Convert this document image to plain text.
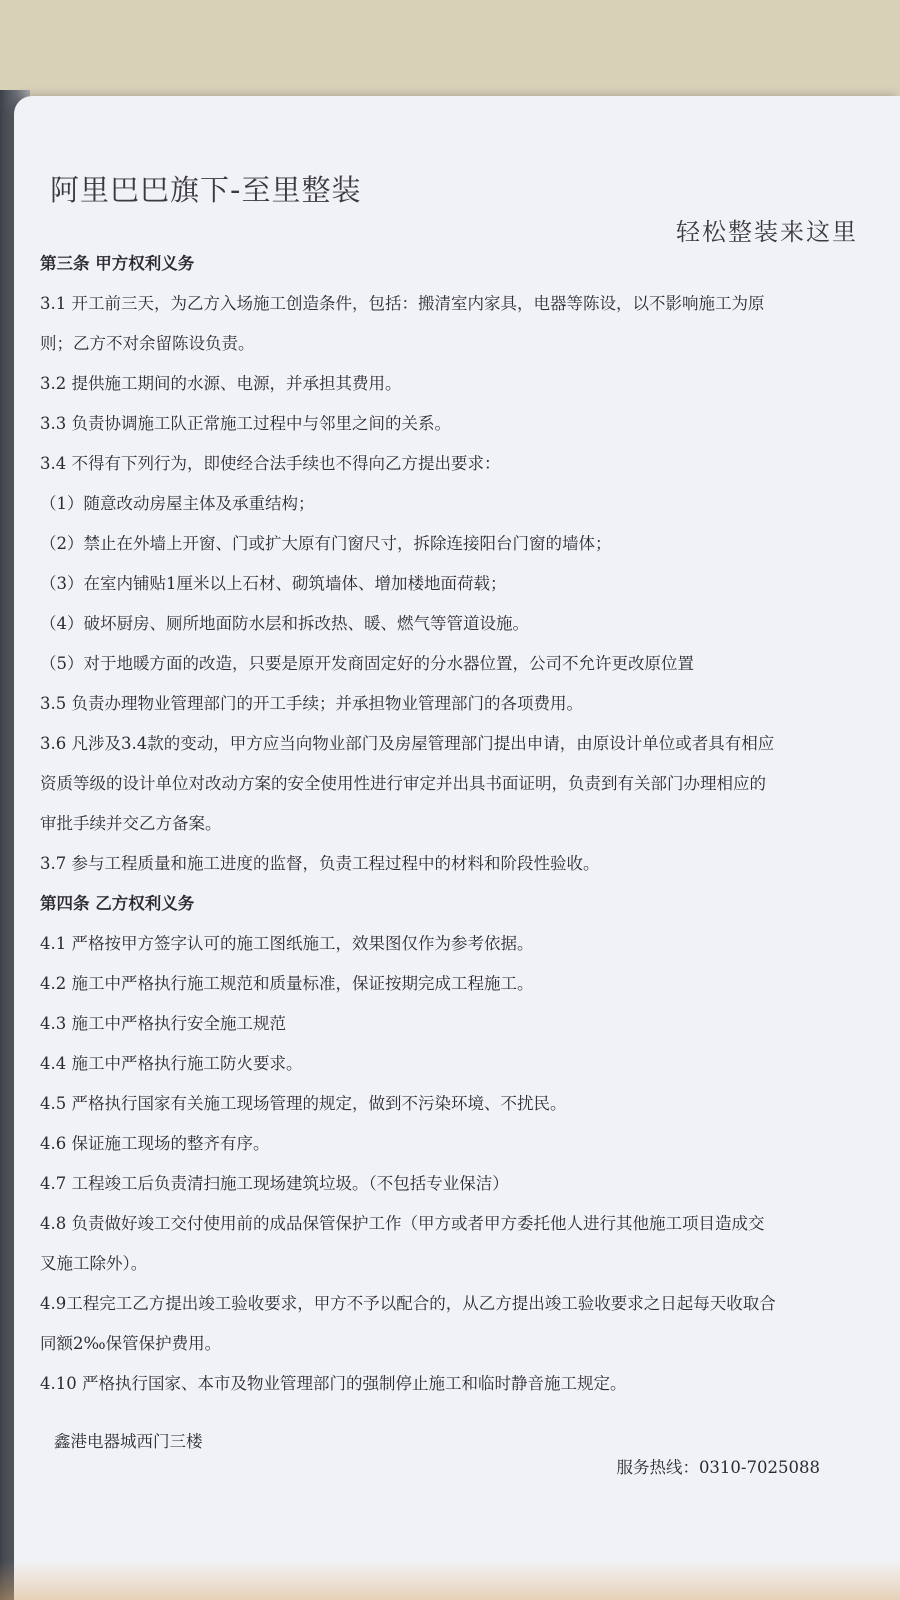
阿里巴巴旗下-至里整装
轻松整装来这里
第三条 甲方权利义务
3.1 开工前三天，为乙方入场施工创造条件，包括：搬清室内家具，电器等陈设，以不影响施工为原
则；乙方不对余留陈设负责。
3.2 提供施工期间的水源、电源，并承担其费用。
3.3 负责协调施工队正常施工过程中与邻里之间的关系。
3.4 不得有下列行为，即使经合法手续也不得向乙方提出要求：
（1）随意改动房屋主体及承重结构；
（2）禁止在外墙上开窗、门或扩大原有门窗尺寸，拆除连接阳台门窗的墙体；
（3）在室内铺贴1厘米以上石材、砌筑墙体、增加楼地面荷载；
（4）破坏厨房、厕所地面防水层和拆改热、暖、燃气等管道设施。
（5）对于地暖方面的改造，只要是原开发商固定好的分水器位置，公司不允许更改原位置
3.5 负责办理物业管理部门的开工手续；并承担物业管理部门的各项费用。
3.6 凡涉及3.4款的变动，甲方应当向物业部门及房屋管理部门提出申请，由原设计单位或者具有相应
资质等级的设计单位对改动方案的安全使用性进行审定并出具书面证明，负责到有关部门办理相应的
审批手续并交乙方备案。
3.7 参与工程质量和施工进度的监督，负责工程过程中的材料和阶段性验收。
第四条 乙方权利义务
4.1 严格按甲方签字认可的施工图纸施工，效果图仅作为参考依据。
4.2 施工中严格执行施工规范和质量标准，保证按期完成工程施工。
4.3 施工中严格执行安全施工规范
4.4 施工中严格执行施工防火要求。
4.5 严格执行国家有关施工现场管理的规定，做到不污染环境、不扰民。
4.6 保证施工现场的整齐有序。
4.7 工程竣工后负责清扫施工现场建筑垃圾。（不包括专业保洁）
4.8 负责做好竣工交付使用前的成品保管保护工作（甲方或者甲方委托他人进行其他施工项目造成交
叉施工除外）。
4.9工程完工乙方提出竣工验收要求，甲方不予以配合的，从乙方提出竣工验收要求之日起每天收取合
同额2‰保管保护费用。
4.10 严格执行国家、本市及物业管理部门的强制停止施工和临时静音施工规定。
鑫港电器城西门三楼
服务热线：0310-7025088
